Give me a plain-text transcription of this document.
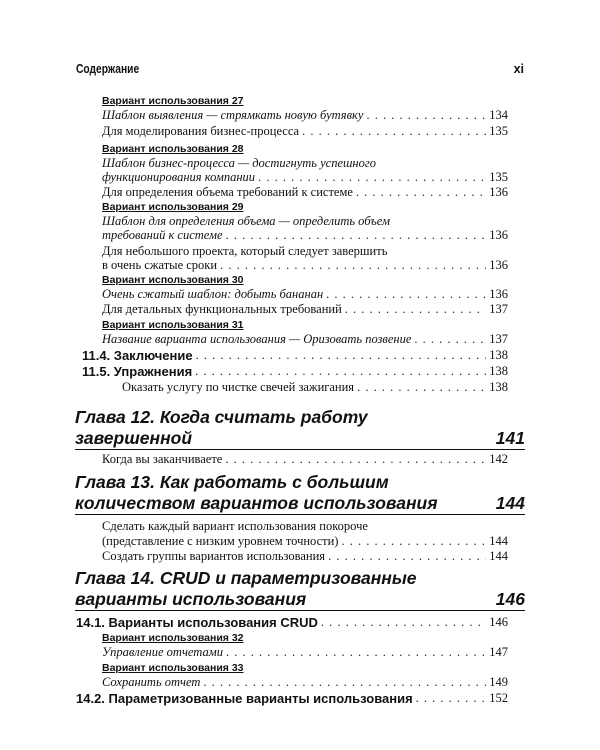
Содержание	xi
Вариант использования 27
Шаблон выявления — стрямкать новую бутявку . . .	134
Для моделирования бизнес-процесса . . .	135
Вариант использования 28
Шаблон бизнес-процесса — достигнуть успешного
функционирования компании . . .	135
Для определения объема требований к системе . . .	136
Вариант использования 29
Шаблон для определения объема — определить объем
требований к системе . . .	136
Для небольшого проекта, который следует завершить
в очень сжатые сроки . . .	136
Вариант использования 30
Очень сжатый шаблон: добыть бананан . . .	136
Для детальных функциональных требований . . .	137
Вариант использования 31
Название варианта использования — Оризовать позвение . . .	137
11.4. Заключение . . .	138
11.5. Упражнения . . .	138
Оказать услугу по чистке свечей зажигания . . .	138
Глава 12. Когда считать работу
завершенной	141
Когда вы заканчиваете . . .	142
Глава 13. Как работать с большим
количеством вариантов использования	144
Сделать каждый вариант использования покороче
(представление с низким уровнем точности) . . .	144
Создать группы вариантов использования . . .	144
Глава 14. CRUD и параметризованные
варианты использования	146
14.1. Варианты использования CRUD . . .	146
Вариант использования 32
Управление отчетами . . .	147
Вариант использования 33
Сохранить отчет . . .	149
14.2. Параметризованные варианты использования . . .	152
